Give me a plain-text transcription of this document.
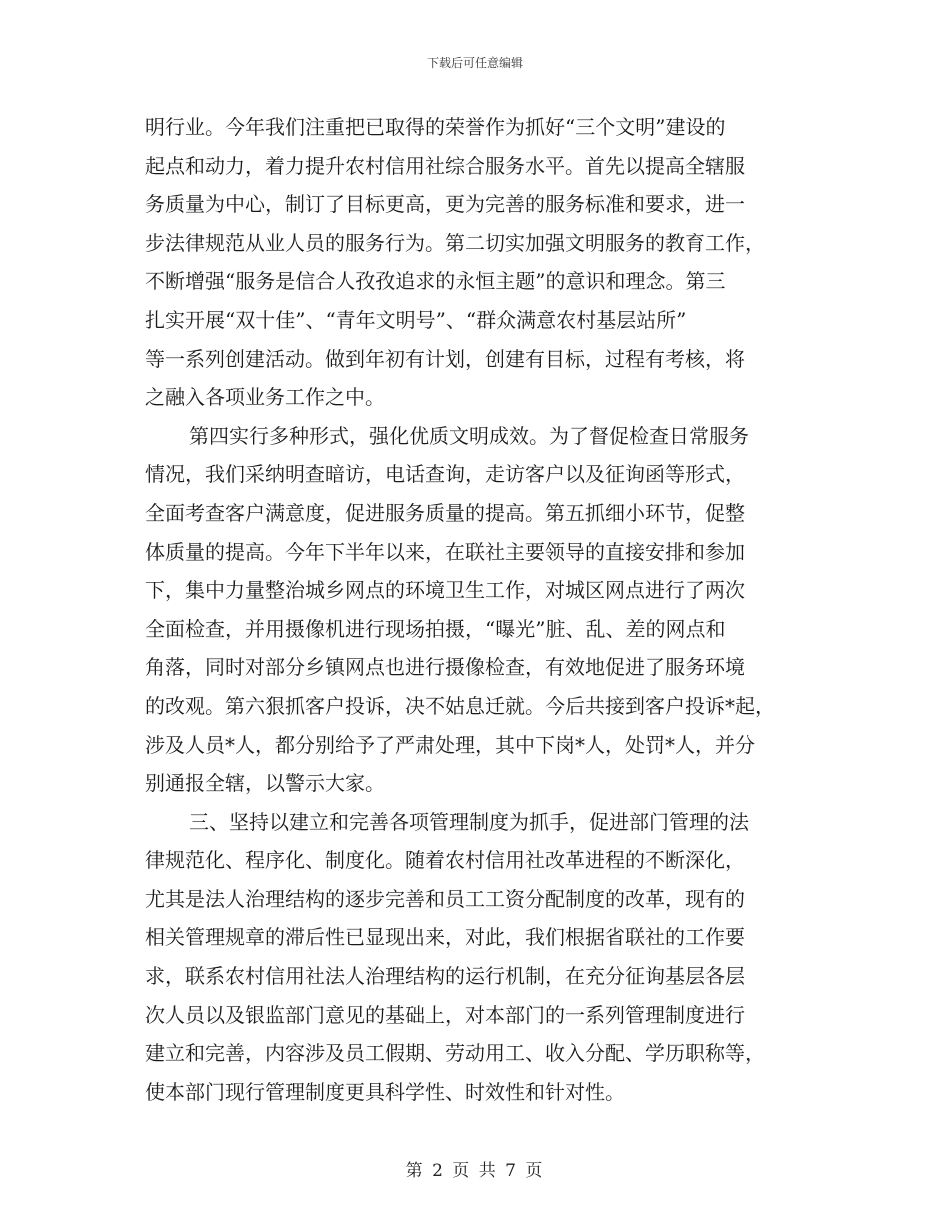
下载后可任意编辑
明行业。今年我们注重把已取得的荣誉作为抓好“三个文明”建设的
起点和动力，着力提升农村信用社综合服务水平。首先以提高全辖服
务质量为中心，制订了目标更高，更为完善的服务标准和要求，进一
步法律规范从业人员的服务行为。第二切实加强文明服务的教育工作，
不断增强“服务是信合人孜孜追求的永恒主题”的意识和理念。第三
扎实开展“双十佳”、“青年文明号”、“群众满意农村基层站所”
等一系列创建活动。做到年初有计划，创建有目标，过程有考核，将
之融入各项业务工作之中。
第四实行多种形式，强化优质文明成效。为了督促检查日常服务
情况，我们采纳明查暗访，电话查询，走访客户以及征询函等形式，
全面考查客户满意度，促进服务质量的提高。第五抓细小环节，促整
体质量的提高。今年下半年以来，在联社主要领导的直接安排和参加
下，集中力量整治城乡网点的环境卫生工作，对城区网点进行了两次
全面检查，并用摄像机进行现场拍摄，“曝光”脏、乱、差的网点和
角落，同时对部分乡镇网点也进行摄像检查，有效地促进了服务环境
的改观。第六狠抓客户投诉，决不姑息迁就。今后共接到客户投诉*起，
涉及人员*人，都分别给予了严肃处理，其中下岗*人，处罚*人，并分
别通报全辖，以警示大家。
三、坚持以建立和完善各项管理制度为抓手，促进部门管理的法
律规范化、程序化、制度化。随着农村信用社改革进程的不断深化，
尤其是法人治理结构的逐步完善和员工工资分配制度的改革，现有的
相关管理规章的滞后性已显现出来，对此，我们根据省联社的工作要
求，联系农村信用社法人治理结构的运行机制，在充分征询基层各层
次人员以及银监部门意见的基础上，对本部门的一系列管理制度进行
建立和完善，内容涉及员工假期、劳动用工、收入分配、学历职称等，
使本部门现行管理制度更具科学性、时效性和针对性。
第 2 页 共 7 页
